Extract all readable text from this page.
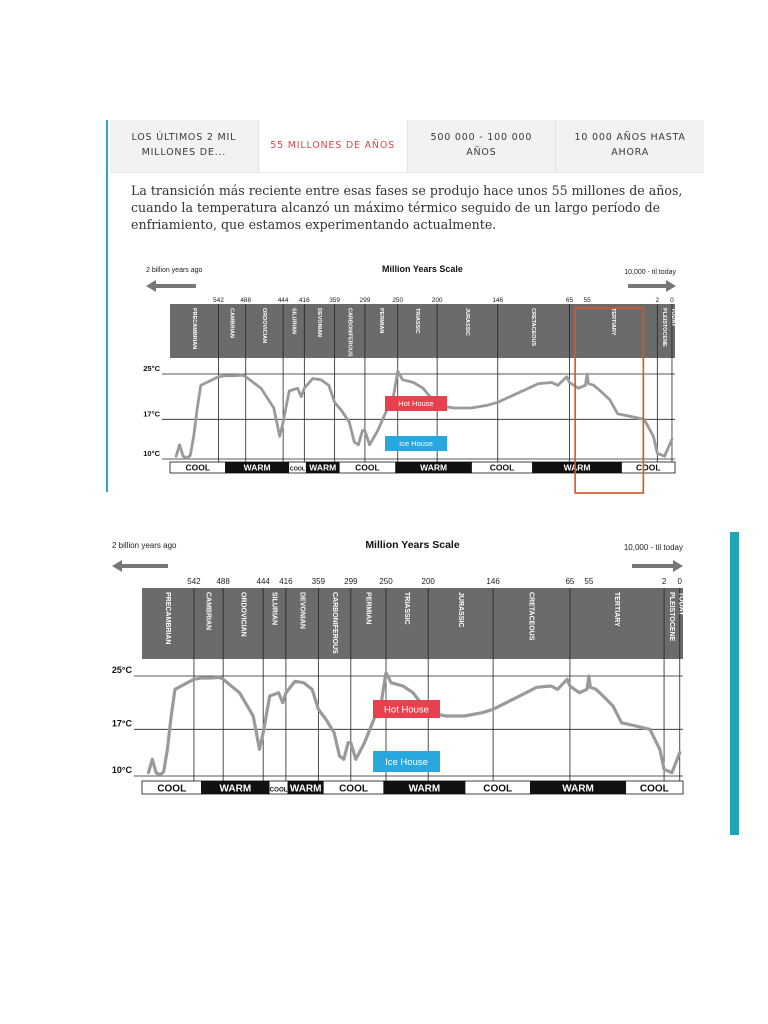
LOS ÚLTIMOS 2 MIL MILLONES DE...
55 MILLONES DE AÑOS
500 000 - 100 000 AÑOS
10 000 AÑOS HASTA AHORA

La transición más reciente entre esas fases se produjo hace unos 55 millones de años, cuando la temperatura alcanzó un máximo térmico seguido de un largo período de enfriamiento, que estamos experimentando actualmente.

PRECAMBRIAN	CAMBRIAN	ORDOVICIAN	SILURIAN	DEVONIAN	CARBONIFEROUS	PERMIAN	TRIASSIC	JURASSIC	CRETACEOUS	TERTIARY	PLEISTOCENE TODAY
542	488	444 416	359	299	250	200	146	65 55	2 0
Million Years Scale
2 billion years ago	10,000 - til today
25°C
17°C
10°C
COOL	WARM	COOL WARM COOL	WARM	COOL	WARM	COOL
Hot House
Ice House
PRECAMBRIAN	CAMBRIAN	ORDOVICIAN	SILURIAN	DEVONIAN	CARBONIFEROUS	PERMIAN	TRIASSIC	JURASSIC	CRETACEOUS	TERTIARY	PLEISTOCENE TODAY
542 488	444 416 359 299	250	200	146	65 55	2 0
Million Years Scale
2 billion years ago	10,000 - til today
25°C
17°C
10°C
COOL	WARM	COOL WARM COOL	WARM	COOL	WARM	COOL
Hot House
Ice House
